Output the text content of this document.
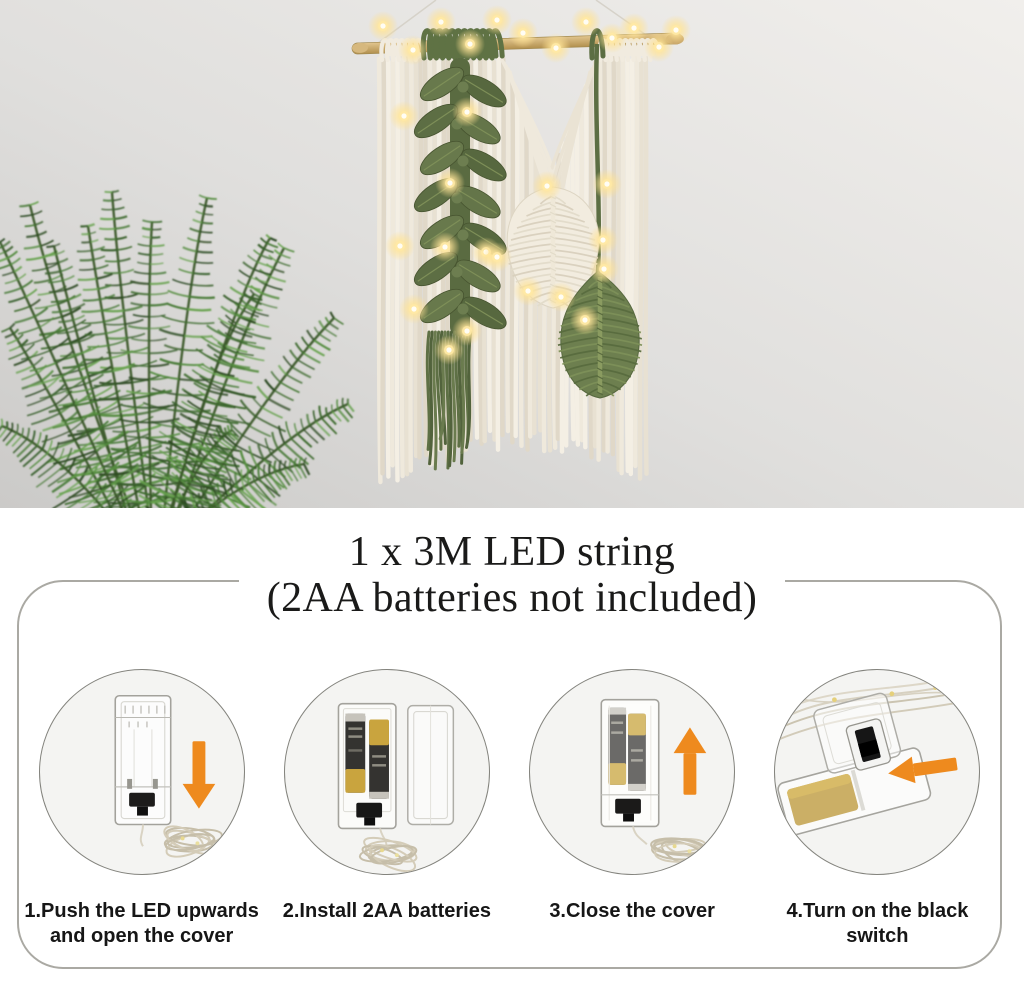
1 x 3M LED string
(2AA batteries not included)
1.Push the LED upwards
and open the cover
2.Install 2AA batteries	3.Close the cover	4.Turn on the black
switch
